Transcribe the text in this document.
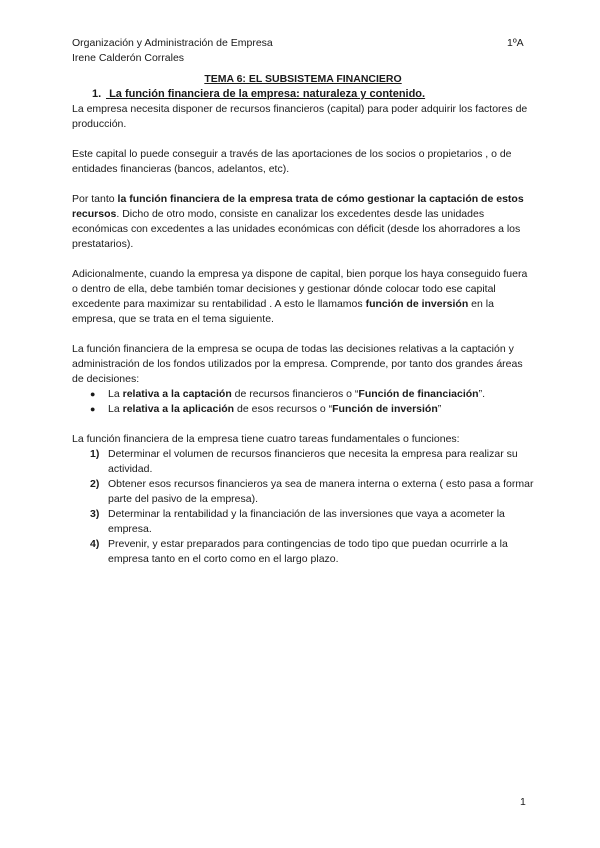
Organización y Administración de Empresa
Irene Calderón Corrales
1ºA

TEMA 6: EL SUBSISTEMA FINANCIERO

1. La función financiera de la empresa: naturaleza y contenido.

La empresa necesita disponer de recursos financieros (capital) para poder adquirir los factores de producción.

Este capital lo puede conseguir a través de las aportaciones de los socios o propietarios , o de entidades financieras (bancos, adelantos, etc).

Por tanto la función financiera de la empresa trata de cómo gestionar la captación de estos recursos. Dicho de otro modo, consiste en canalizar los excedentes desde las unidades económicas con excedentes a las unidades económicas con déficit (desde los ahorradores a los prestatarios).

Adicionalmente, cuando la empresa ya dispone de capital, bien porque los haya conseguido fuera o dentro de ella, debe también tomar decisiones y gestionar dónde colocar todo ese capital excedente para maximizar su rentabilidad . A esto le llamamos función de inversión en la empresa, que se trata en el tema siguiente.

La función financiera de la empresa se ocupa de todas las decisiones relativas a la captación y administración de los fondos utilizados por la empresa. Comprende, por tanto dos grandes áreas de decisiones:

● La relativa a la captación de recursos financieros o “Función de financiación”.
● La relativa a la aplicación de esos recursos o “Función de inversión”

La función financiera de la empresa tiene cuatro tareas fundamentales o funciones:

1) Determinar el volumen de recursos financieros que necesita la empresa para realizar su actividad.
2) Obtener esos recursos financieros ya sea de manera interna o externa ( esto pasa a formar parte del pasivo de la empresa).
3) Determinar la rentabilidad y la financiación de las inversiones que vaya a acometer la empresa.
4) Prevenir, y estar preparados para contingencias de todo tipo que puedan ocurrirle a la empresa tanto en el corto como en el largo plazo.
1
